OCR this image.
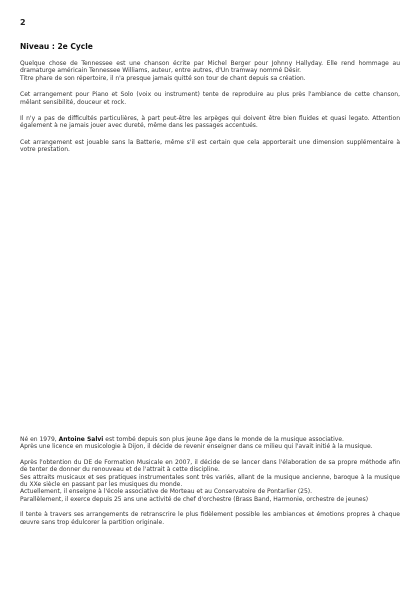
2
Niveau : 2e Cycle

Quelque chose de Tennessee est une chanson écrite par Michel Berger pour Johnny Hallyday. Elle rend hommage au dramaturge américain Tennessee Williams, auteur, entre autres, d'Un tramway nommé Désir.
Titre phare de son répertoire, il n'a presque jamais quitté son tour de chant depuis sa création.

Cet arrangement pour Piano et Solo (voix ou instrument) tente de reproduire au plus près l'ambiance de cette chanson, mêlant sensibilité, douceur et rock.

Il n'y a pas de difficultés particulières, à part peut-être les arpèges qui doivent être bien fluides et quasi legato. Attention également à ne jamais jouer avec dureté, même dans les passages accentués.

Cet arrangement est jouable sans la Batterie, même s'il est certain que cela apporterait une dimension supplémentaire à votre prestation.

Né en 1979, Antoine Salvi est tombé depuis son plus jeune âge dans le monde de la musique associative.
Après une licence en musicologie à Dijon, il décide de revenir enseigner dans ce milieu qui l'avait initié à la musique.

Après l'obtention du DE de Formation Musicale en 2007, il décide de se lancer dans l'élaboration de sa propre méthode afin de tenter de donner du renouveau et de l'attrait à cette discipline.
Ses attraits musicaux et ses pratiques instrumentales sont très variés, allant de la musique ancienne, baroque à la musique du XXe siècle en passant par les musiques du monde.
Actuellement, il enseigne à l'école associative de Morteau et au Conservatoire de Pontarlier (25).
Parallèlement, il exerce depuis 25 ans une activité de chef d'orchestre (Brass Band, Harmonie, orchestre de jeunes)

Il tente à travers ses arrangements de retranscrire le plus fidèlement possible les ambiances et émotions propres à chaque œuvre sans trop édulcorer la partition originale.
